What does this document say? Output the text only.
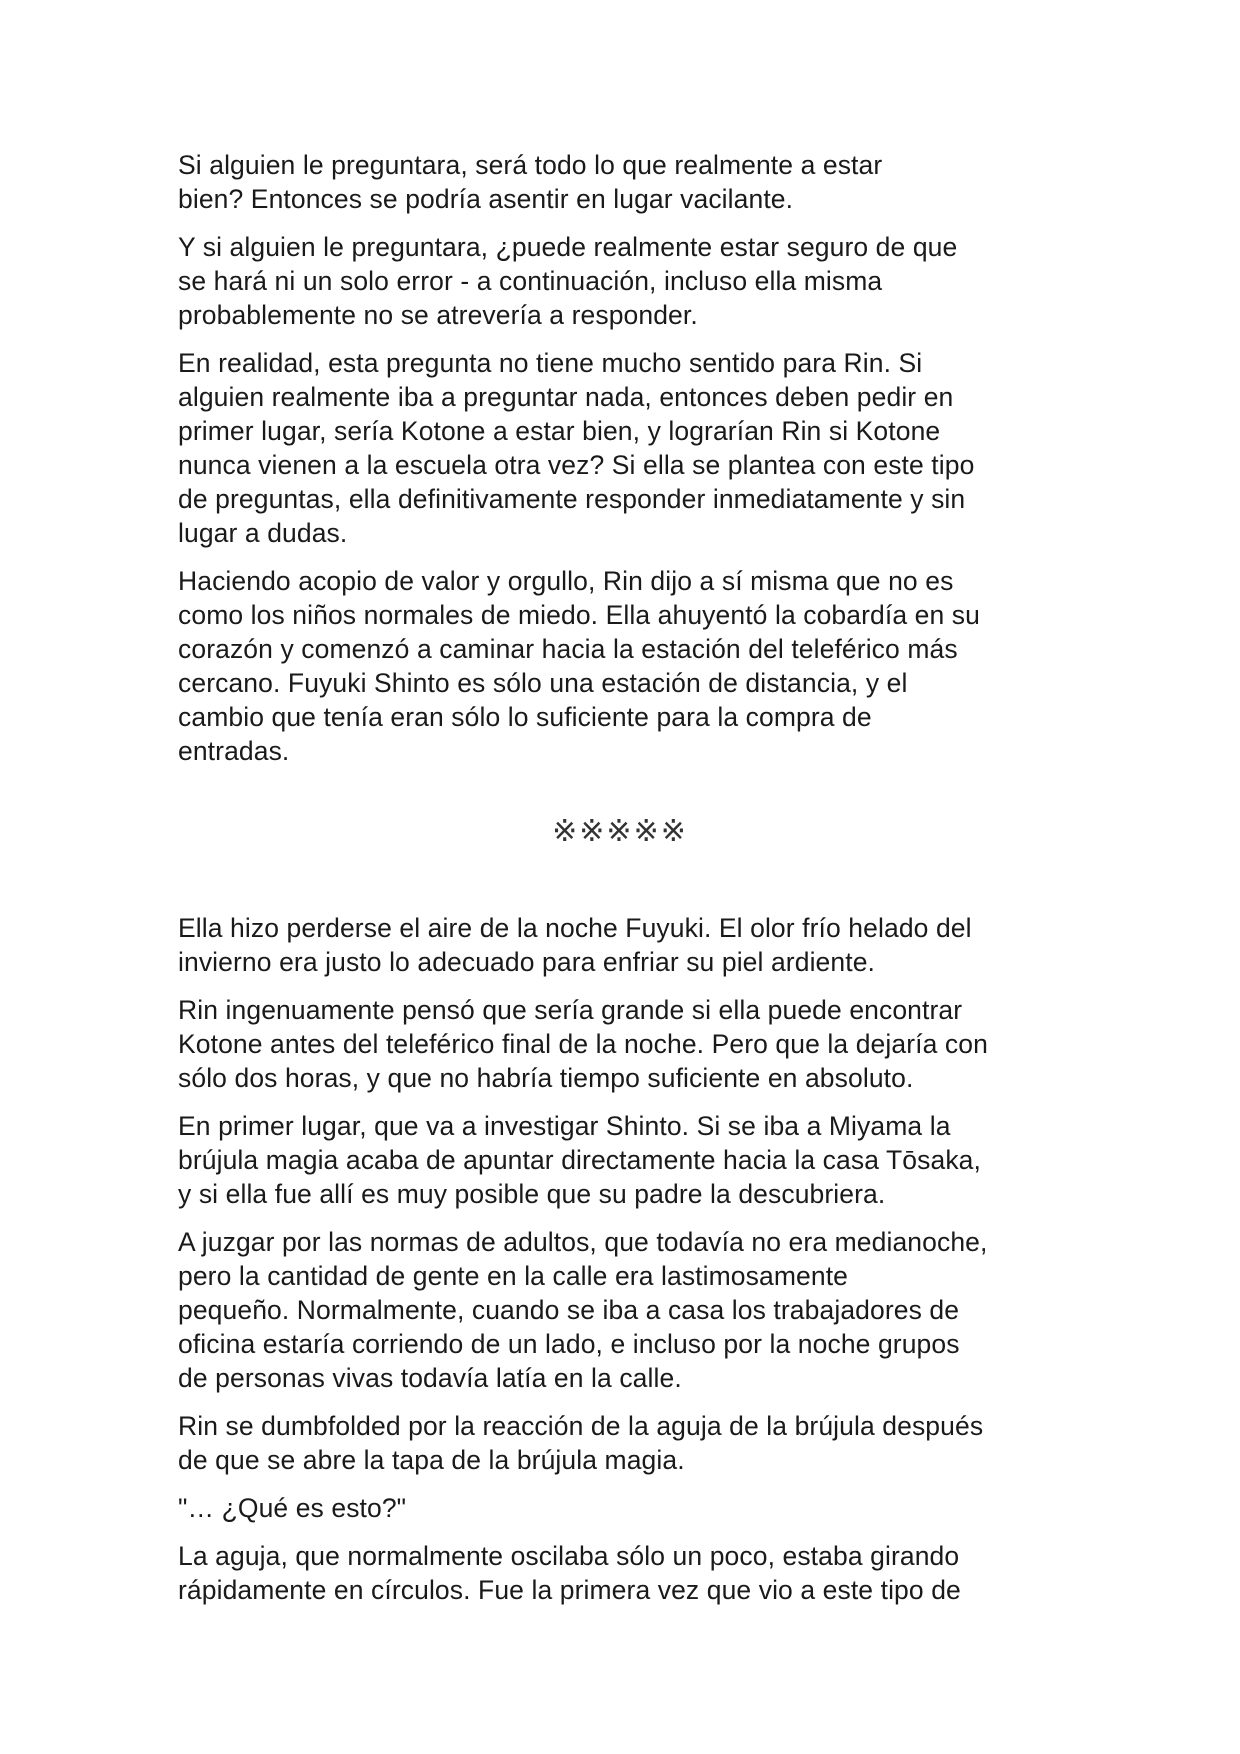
Si alguien le preguntara, será todo lo que realmente a estar
bien? Entonces se podría asentir en lugar vacilante.

Y si alguien le preguntara, ¿puede realmente estar seguro de que
se hará ni un solo error - a continuación, incluso ella misma
probablemente no se atrevería a responder.

En realidad, esta pregunta no tiene mucho sentido para Rin. Si
alguien realmente iba a preguntar nada, entonces deben pedir en
primer lugar, sería Kotone a estar bien, y lograrían Rin si Kotone
nunca vienen a la escuela otra vez? Si ella se plantea con este tipo
de preguntas, ella definitivamente responder inmediatamente y sin
lugar a dudas.

Haciendo acopio de valor y orgullo, Rin dijo a sí misma que no es
como los niños normales de miedo. Ella ahuyentó la cobardía en su
corazón y comenzó a caminar hacia la estación del teleférico más
cercano. Fuyuki Shinto es sólo una estación de distancia, y el
cambio que tenía eran sólo lo suficiente para la compra de
entradas.

※※※※※

Ella hizo perderse el aire de la noche Fuyuki. El olor frío helado del
invierno era justo lo adecuado para enfriar su piel ardiente.

Rin ingenuamente pensó que sería grande si ella puede encontrar
Kotone antes del teleférico final de la noche. Pero que la dejaría con
sólo dos horas, y que no habría tiempo suficiente en absoluto.

En primer lugar, que va a investigar Shinto. Si se iba a Miyama la
brújula magia acaba de apuntar directamente hacia la casa Tōsaka,
y si ella fue allí es muy posible que su padre la descubriera.

A juzgar por las normas de adultos, que todavía no era medianoche,
pero la cantidad de gente en la calle era lastimosamente
pequeño. Normalmente, cuando se iba a casa los trabajadores de
oficina estaría corriendo de un lado, e incluso por la noche grupos
de personas vivas todavía latía en la calle.

Rin se dumbfolded por la reacción de la aguja de la brújula después
de que se abre la tapa de la brújula magia.

"… ¿Qué es esto?"

La aguja, que normalmente oscilaba sólo un poco, estaba girando
rápidamente en círculos. Fue la primera vez que vio a este tipo de
